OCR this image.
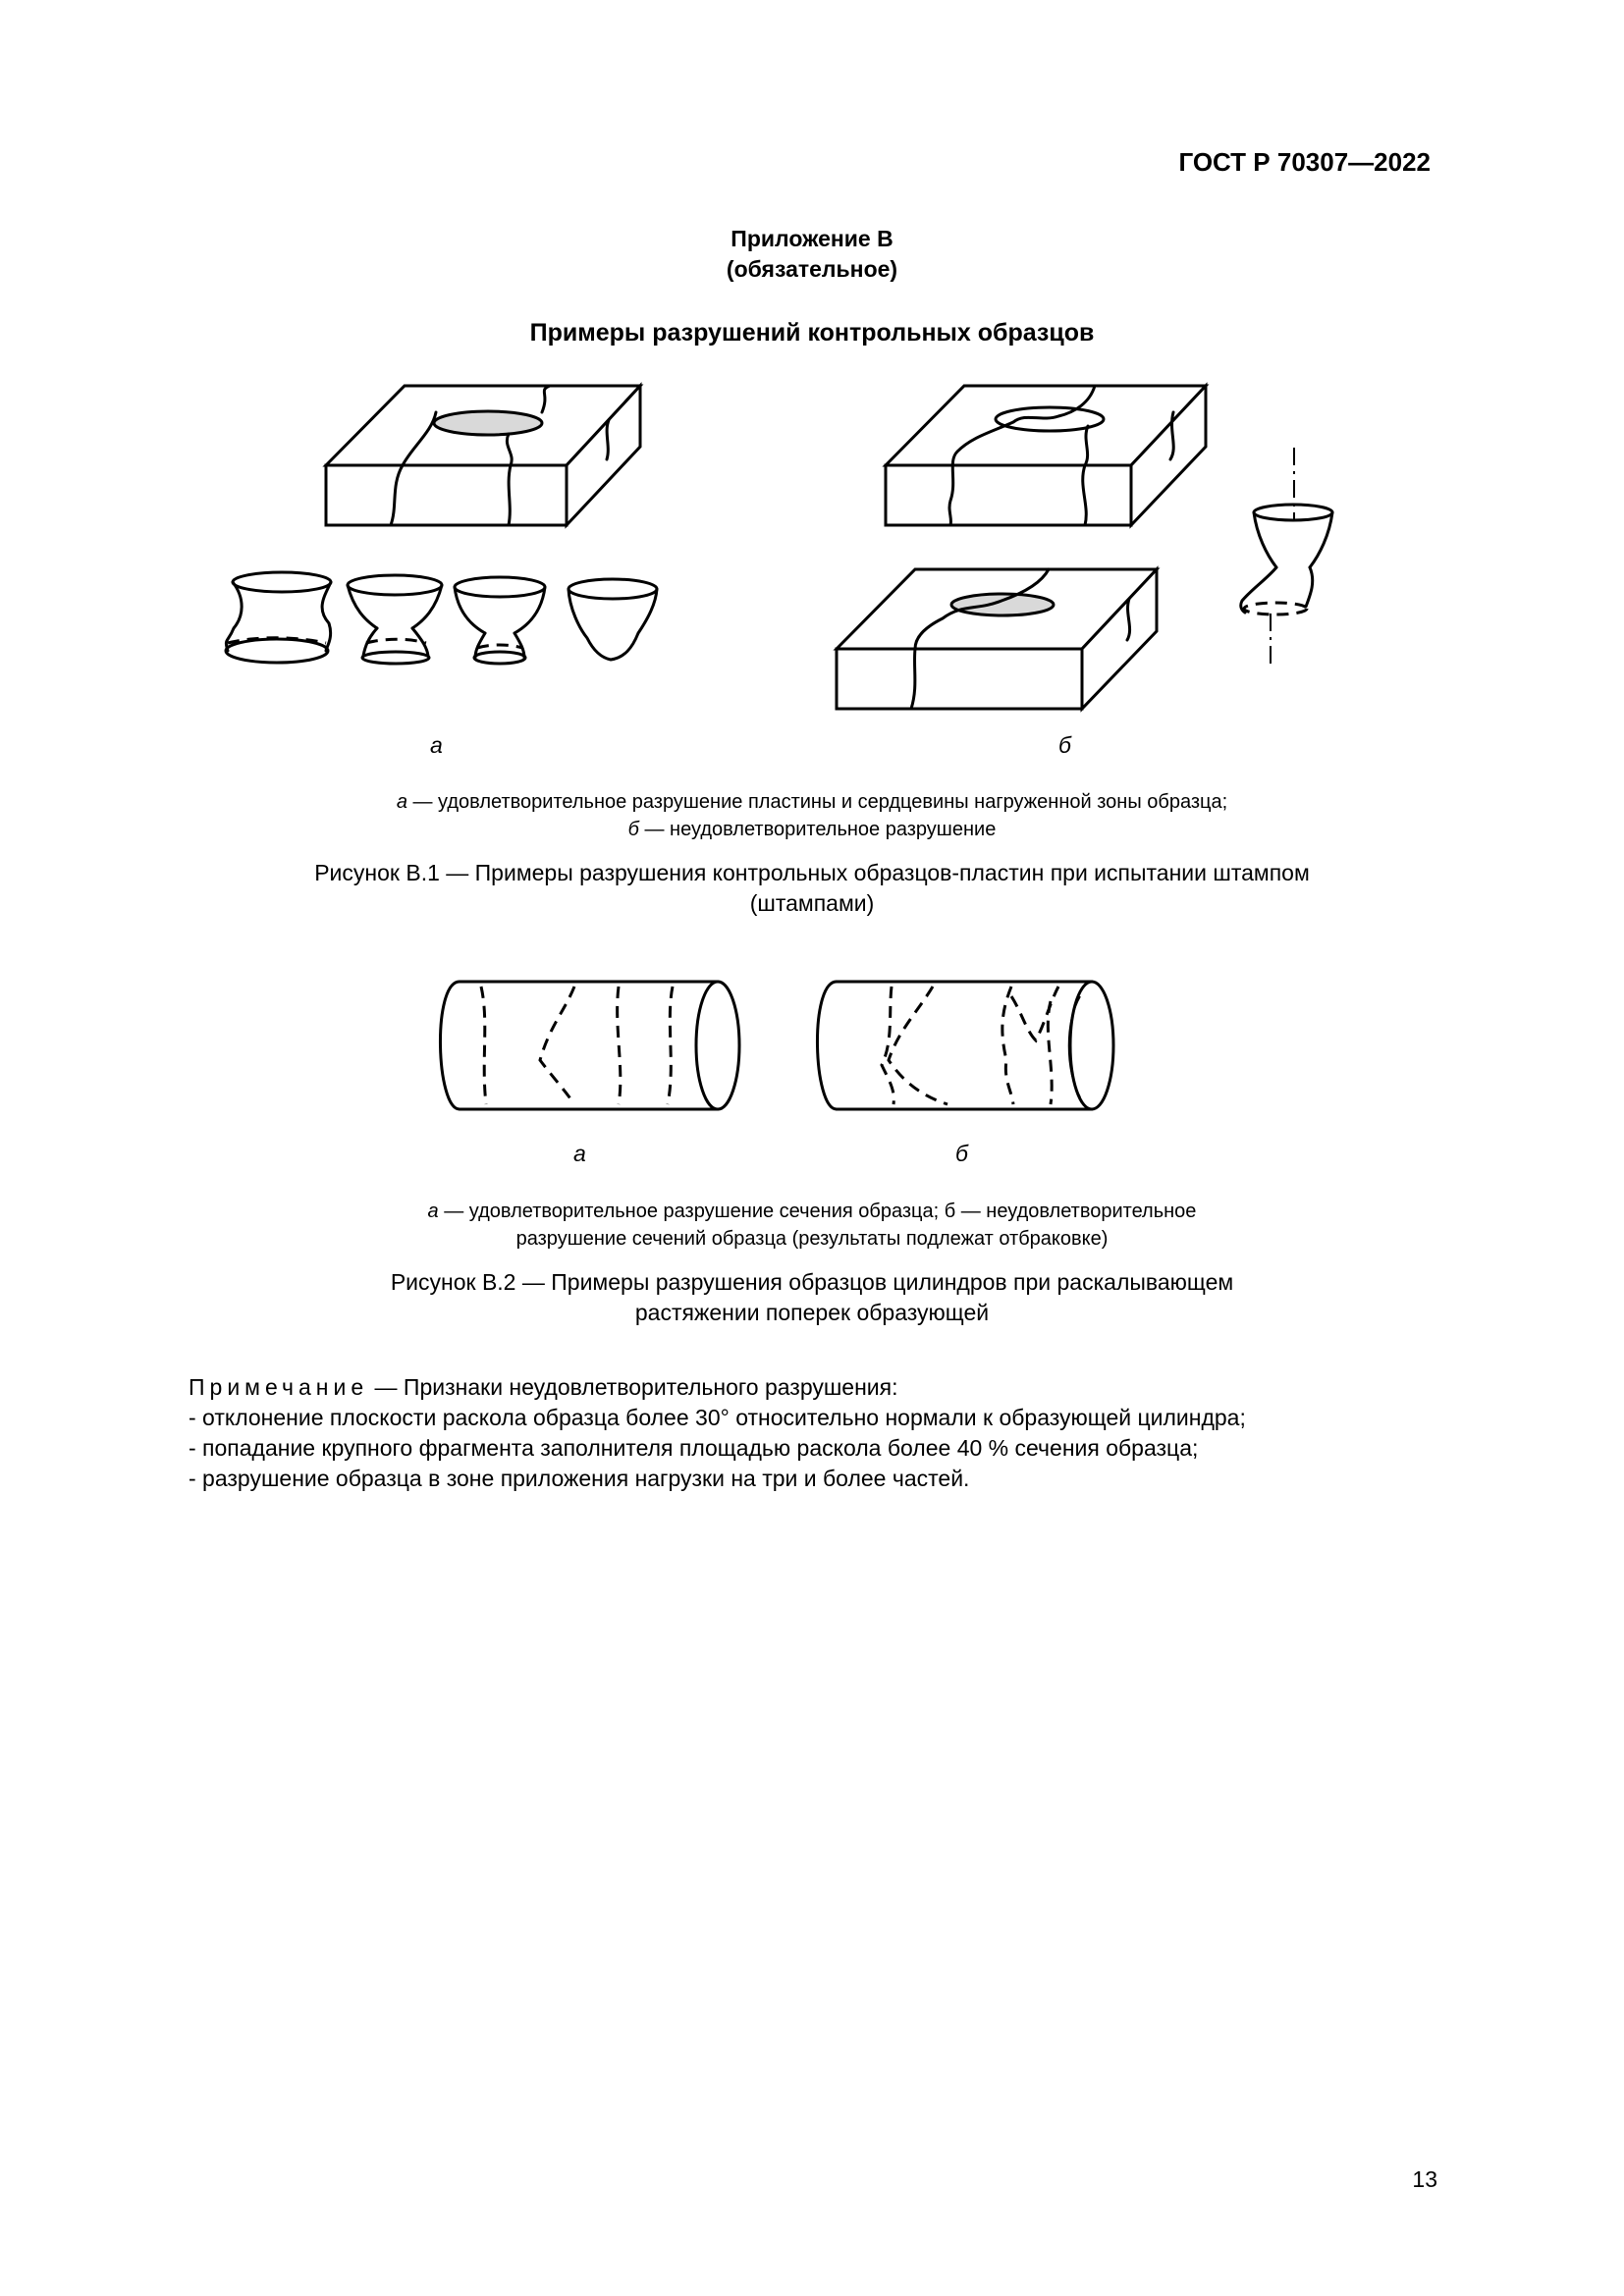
ГОСТ Р 70307—2022
Приложение В
(обязательное)
Примеры разрушений контрольных образцов
а	б
а — удовлетворительное разрушение пластины и сердцевины нагруженной зоны образца;
б — неудовлетворительное разрушение
Рисунок В.1 — Примеры разрушения контрольных образцов-пластин при испытании штампом
(штампами)
а	б
а — удовлетворительное разрушение сечения образца; б — неудовлетворительное
разрушение сечений образца (результаты подлежат отбраковке)
Рисунок В.2 — Примеры разрушения образцов цилиндров при раскалывающем
растяжении поперек образующей
Примечание — Признаки неудовлетворительного разрушения:
- отклонение плоскости раскола образца более 30° относительно нормали к образующей цилиндра;
- попадание крупного фрагмента заполнителя площадью раскола более 40 % сечения образца;
- разрушение образца в зоне приложения нагрузки на три и более частей.
13
